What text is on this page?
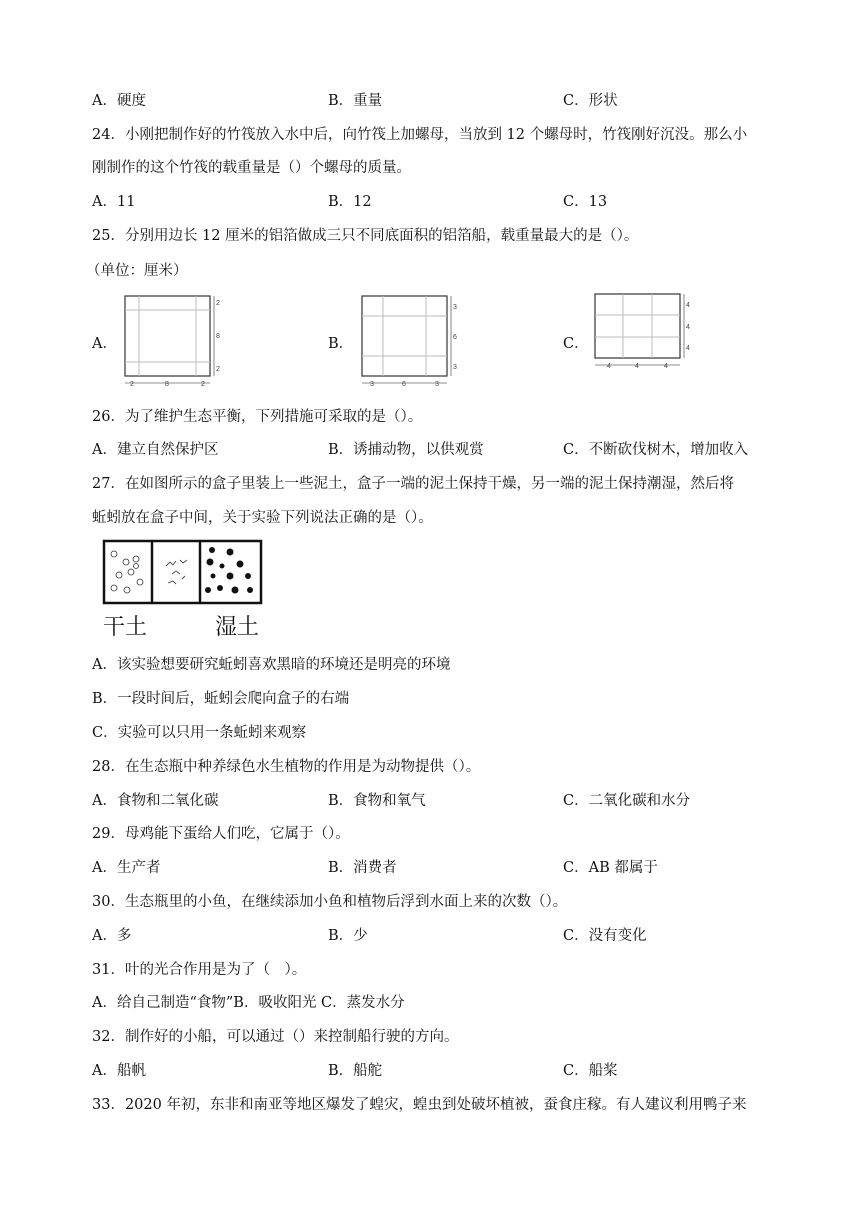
A．硬度	B．重量	C．形状
24．小刚把制作好的竹筏放入水中后，向竹筏上加螺母，当放到 12 个螺母时，竹筏刚好沉没。那么小
刚制作的这个竹筏的载重量是（）个螺母的质量。
A．11	B．12	C．13
25．分别用边长 12 厘米的铝箔做成三只不同底面积的铝箔船，载重量最大的是（）。
（单位：厘米）
A．
2	8	2
2
8
2
B．
3	6	3
3
6
3
C．
4	4	4
4
4
4
26．为了维护生态平衡，下列措施可采取的是（）。
A．建立自然保护区	B．诱捕动物，以供观赏	C．不断砍伐树木，增加收入
27．在如图所示的盒子里装上一些泥土，盒子一端的泥土保持干燥，另一端的泥土保持潮湿，然后将
蚯蚓放在盒子中间，关于实验下列说法正确的是（）。
干土	湿土
A．该实验想要研究蚯蚓喜欢黑暗的环境还是明亮的环境
B．一段时间后，蚯蚓会爬向盒子的右端
C．实验可以只用一条蚯蚓来观察
28．在生态瓶中种养绿色水生植物的作用是为动物提供（）。
A．食物和二氧化碳	B．食物和氧气	C．二氧化碳和水分
29．母鸡能下蛋给人们吃，它属于（）。
A．生产者	B．消费者	C．AB 都属于
30．生态瓶里的小鱼，在继续添加小鱼和植物后浮到水面上来的次数（）。
A．多	B．少	C．没有变化
31．叶的光合作用是为了（　）。
A．给自己制造“食物”B．吸收阳光 C．蒸发水分
32．制作好的小船，可以通过（）来控制船行驶的方向。
A．船帆	B．船舵	C．船桨
33．2020 年初，东非和南亚等地区爆发了蝗灾，蝗虫到处破坏植被，蚕食庄稼。有人建议利用鸭子来
